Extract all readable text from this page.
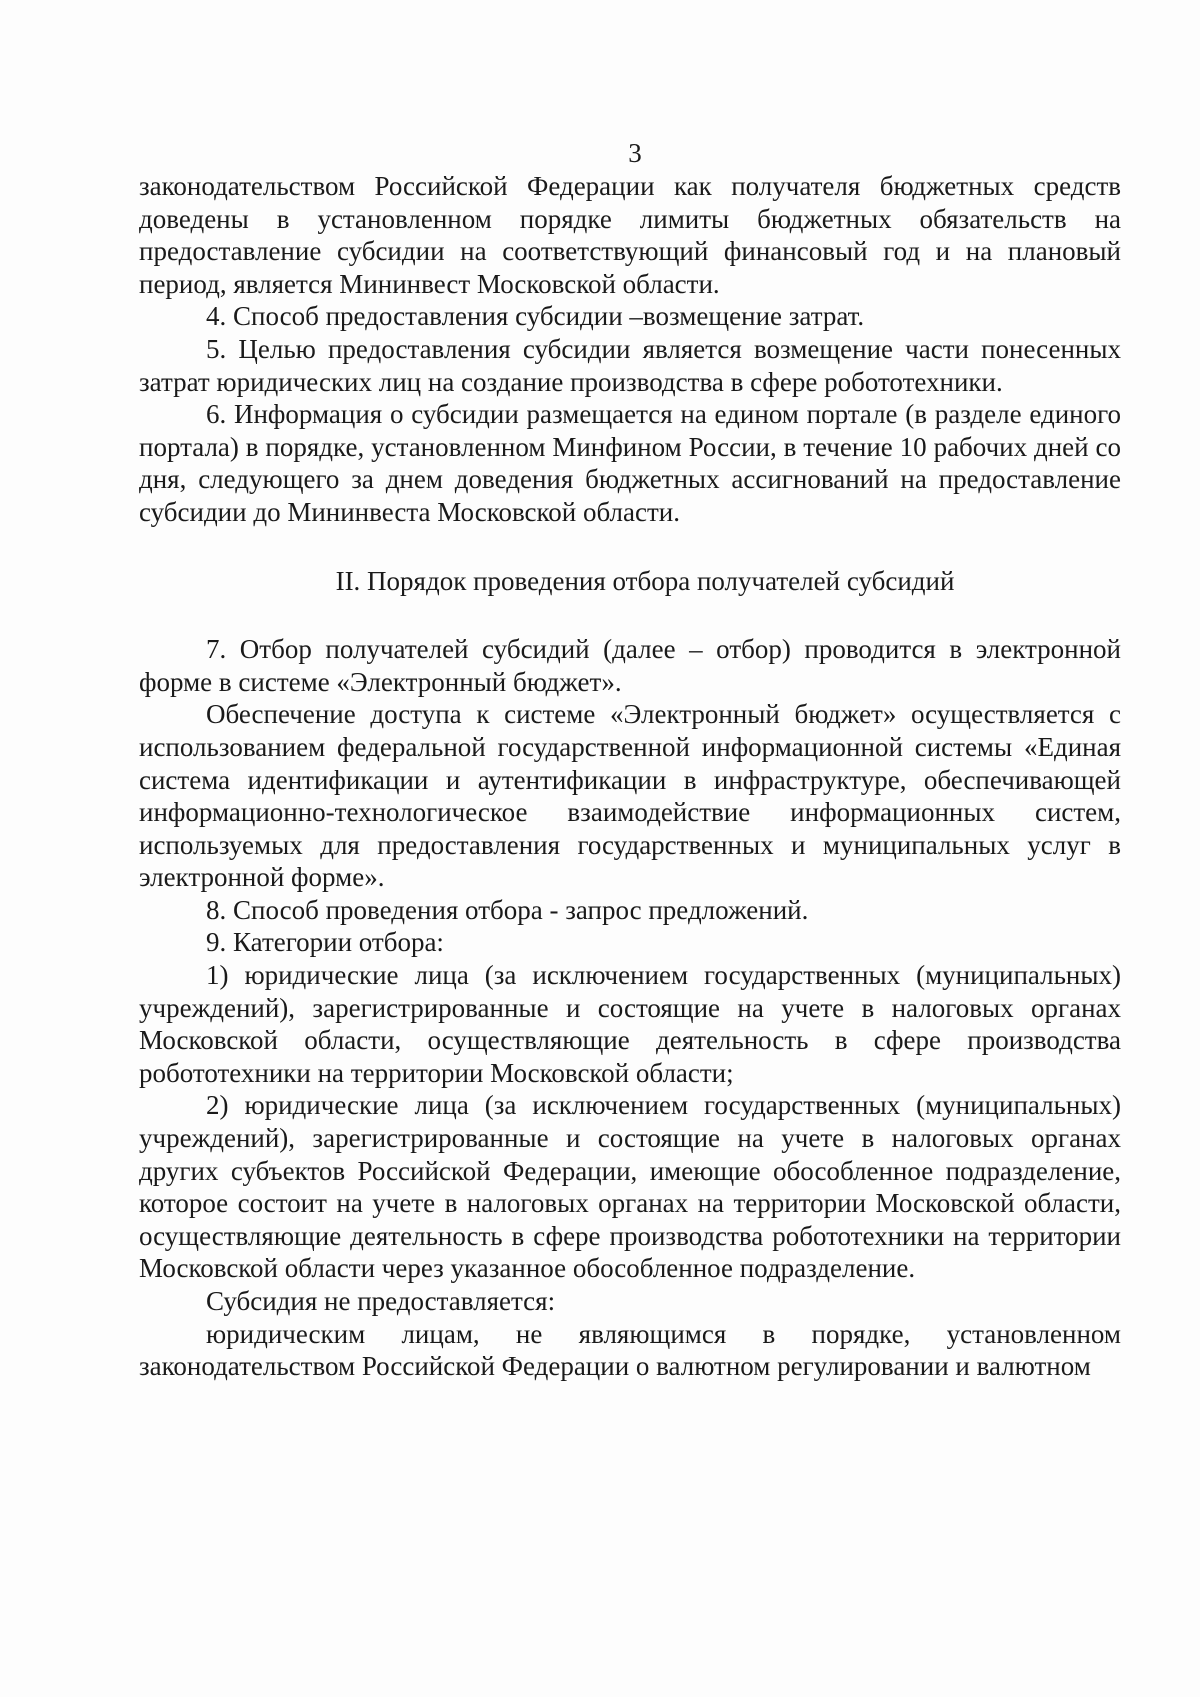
3

законодательством Российской Федерации как получателя бюджетных средств доведены в установленном порядке лимиты бюджетных обязательств на предоставление субсидии на соответствующий финансовый год и на плановый период, является Мининвест Московской области.

4. Способ предоставления субсидии –возмещение затрат.

5. Целью предоставления субсидии является возмещение части понесенных затрат юридических лиц на создание производства в сфере робототехники.

6. Информация о субсидии размещается на едином портале (в разделе единого портала) в порядке, установленном Минфином России, в течение 10 рабочих дней со дня, следующего за днем доведения бюджетных ассигнований на предоставление субсидии до Мининвеста Московской области.

II. Порядок проведения отбора получателей субсидий

7. Отбор получателей субсидий (далее – отбор) проводится в электронной форме в системе «Электронный бюджет».

Обеспечение доступа к системе «Электронный бюджет» осуществляется с использованием федеральной государственной информационной системы «Единая система идентификации и аутентификации в инфраструктуре, обеспечивающей информационно-технологическое взаимодействие информационных систем, используемых для предоставления государственных и муниципальных услуг в электронной форме».

8. Способ проведения отбора - запрос предложений.

9. Категории отбора:

1) юридические лица (за исключением государственных (муниципальных) учреждений), зарегистрированные и состоящие на учете в налоговых органах Московской области, осуществляющие деятельность в сфере производства робототехники на территории Московской области;

2) юридические лица (за исключением государственных (муниципальных) учреждений), зарегистрированные и состоящие на учете в налоговых органах других субъектов Российской Федерации, имеющие обособленное подразделение, которое состоит на учете в налоговых органах на территории Московской области, осуществляющие деятельность в сфере производства робототехники на территории Московской области через указанное обособленное подразделение.

Субсидия не предоставляется:

юридическим лицам, не являющимся в порядке, установленном законодательством Российской Федерации о валютном регулировании и валютном
